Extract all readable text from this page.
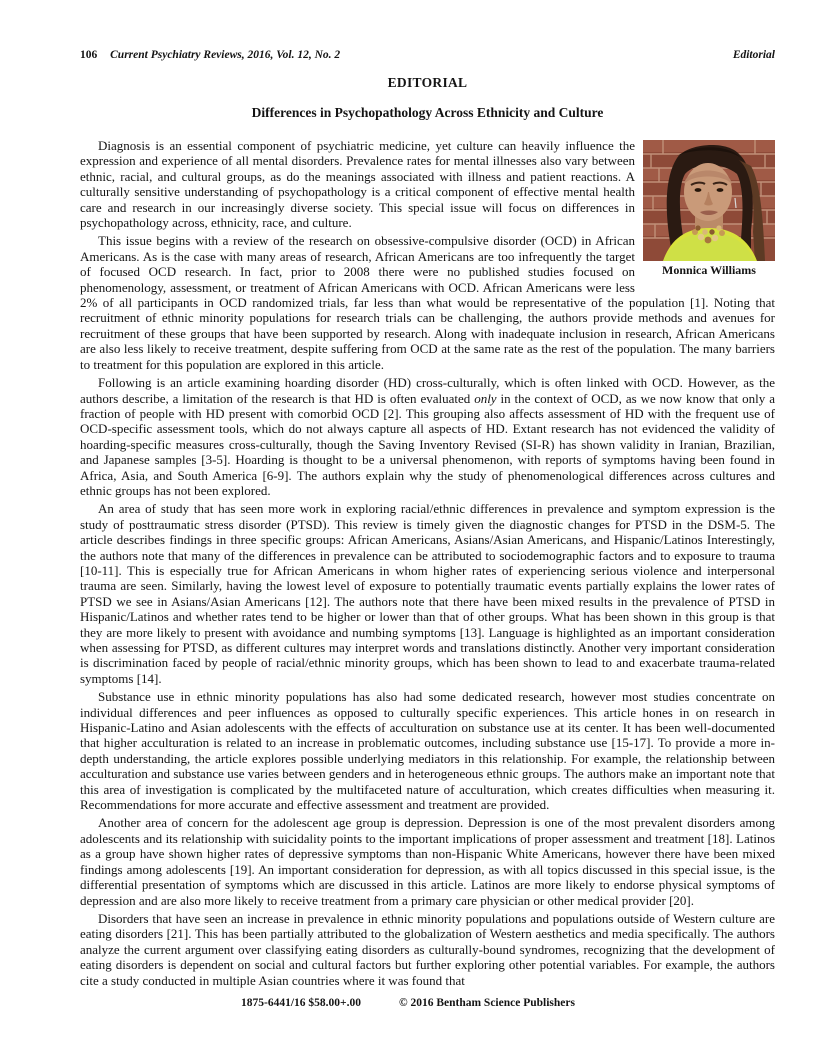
106 Current Psychiatry Reviews, 2016, Vol. 12, No. 2	Editorial
EDITORIAL
Differences in Psychopathology Across Ethnicity and Culture
Monnica Williams

Diagnosis is an essential component of psychiatric medicine, yet culture can heavily influence the expression and experience of all mental disorders. Prevalence rates for mental illnesses also vary between ethnic, racial, and cultural groups, as do the meanings associated with illness and patient reactions. A culturally sensitive understanding of psychopathology is a critical component of effective mental health care and research in our increasingly diverse society. This special issue will focus on differences in psychopathology across, ethnicity, race, and culture.

This issue begins with a review of the research on obsessive-compulsive disorder (OCD) in African Americans. As is the case with many areas of research, African Americans are too infrequently the target of focused OCD research. In fact, prior to 2008 there were no published studies focused on phenomenology, assessment, or treatment of African Americans with OCD. African Americans were less 2% of all participants in OCD randomized trials, far less than what would be representative of the population [1]. Noting that recruitment of ethnic minority populations for research trials can be challenging, the authors provide methods and avenues for recruitment of these groups that have been supported by research. Along with inadequate inclusion in research, African Americans are also less likely to receive treatment, despite suffering from OCD at the same rate as the rest of the population. The many barriers to treatment for this population are explored in this article.

Following is an article examining hoarding disorder (HD) cross-culturally, which is often linked with OCD. However, as the authors describe, a limitation of the research is that HD is often evaluated only in the context of OCD, as we now know that only a fraction of people with HD present with comorbid OCD [2]. This grouping also affects assessment of HD with the frequent use of OCD-specific assessment tools, which do not always capture all aspects of HD. Extant research has not evidenced the validity of hoarding-specific measures cross-culturally, though the Saving Inventory Revised (SI-R) has shown validity in Iranian, Brazilian, and Japanese samples [3-5]. Hoarding is thought to be a universal phenomenon, with reports of symptoms having been found in Africa, Asia, and South America [6-9]. The authors explain why the study of phenomenological differences across cultures and ethnic groups has not been explored.

An area of study that has seen more work in exploring racial/ethnic differences in prevalence and symptom expression is the study of posttraumatic stress disorder (PTSD). This review is timely given the diagnostic changes for PTSD in the DSM-5. The article describes findings in three specific groups: African Americans, Asians/Asian Americans, and Hispanic/Latinos Interestingly, the authors note that many of the differences in prevalence can be attributed to sociodemographic factors and to exposure to trauma [10-11]. This is especially true for African Americans in whom higher rates of experiencing serious violence and interpersonal trauma are seen. Similarly, having the lowest level of exposure to potentially traumatic events partially explains the lower rates of PTSD we see in Asians/Asian Americans [12]. The authors note that there have been mixed results in the prevalence of PTSD in Hispanic/Latinos and whether rates tend to be higher or lower than that of other groups. What has been shown in this group is that they are more likely to present with avoidance and numbing symptoms [13]. Language is highlighted as an important consideration when assessing for PTSD, as different cultures may interpret words and translations distinctly. Another very important consideration is discrimination faced by people of racial/ethnic minority groups, which has been shown to lead to and exacerbate trauma-related symptoms [14].

Substance use in ethnic minority populations has also had some dedicated research, however most studies concentrate on individual differences and peer influences as opposed to culturally specific experiences. This article hones in on research in Hispanic-Latino and Asian adolescents with the effects of acculturation on substance use at its center. It has been well-documented that higher acculturation is related to an increase in problematic outcomes, including substance use [15-17]. To provide a more in-depth understanding, the article explores possible underlying mediators in this relationship. For example, the relationship between acculturation and substance use varies between genders and in heterogeneous ethnic groups. The authors make an important note that this area of investigation is complicated by the multifaceted nature of acculturation, which creates difficulties when measuring it. Recommendations for more accurate and effective assessment and treatment are provided.

Another area of concern for the adolescent age group is depression. Depression is one of the most prevalent disorders among adolescents and its relationship with suicidality points to the important implications of proper assessment and treatment [18]. Latinos as a group have shown higher rates of depressive symptoms than non-Hispanic White Americans, however there have been mixed findings among adolescents [19]. An important consideration for depression, as with all topics discussed in this special issue, is the differential presentation of symptoms which are discussed in this article. Latinos are more likely to endorse physical symptoms of depression and are also more likely to receive treatment from a primary care physician or other medical provider [20].

Disorders that have seen an increase in prevalence in ethnic minority populations and populations outside of Western culture are eating disorders [21]. This has been partially attributed to the globalization of Western aesthetics and media specifically. The authors analyze the current argument over classifying eating disorders as culturally-bound syndromes, recognizing that the development of eating disorders is dependent on social and cultural factors but further exploring other potential variables. For example, the authors cite a study conducted in multiple Asian countries where it was found that

1875-6441/16 $58.00+.00	© 2016 Bentham Science Publishers
